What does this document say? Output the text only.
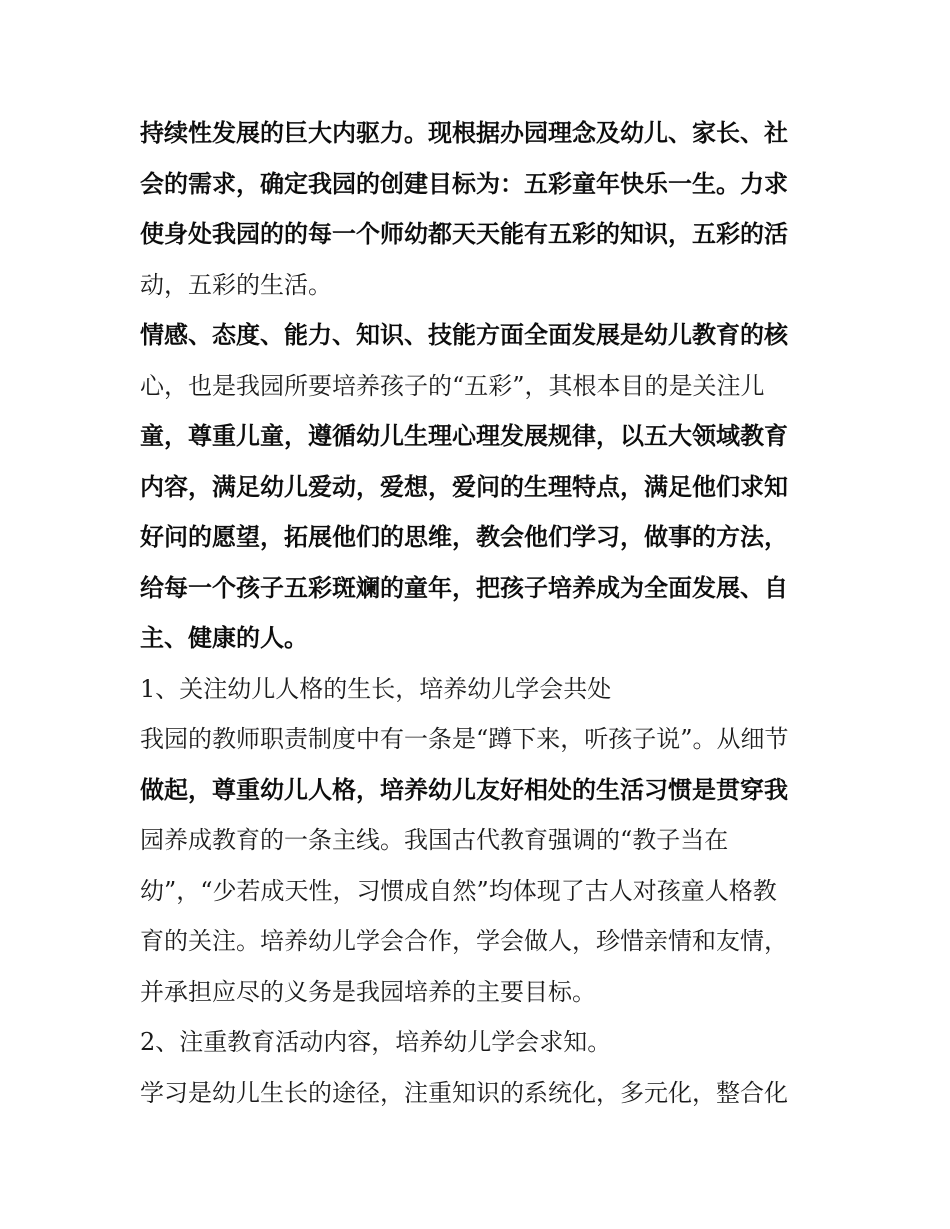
持续性发展的巨大内驱力。现根据办园理念及幼儿、家长、社
会的需求，确定我园的创建目标为：五彩童年快乐一生。力求
使身处我园的的每一个师幼都天天能有五彩的知识，五彩的活
动，五彩的生活。
情感、态度、能力、知识、技能方面全面发展是幼儿教育的核
心，也是我园所要培养孩子的“五彩”，其根本目的是关注儿
童，尊重儿童，遵循幼儿生理心理发展规律，以五大领域教育
内容，满足幼儿爱动，爱想，爱问的生理特点，满足他们求知
好问的愿望，拓展他们的思维，教会他们学习，做事的方法，
给每一个孩子五彩斑斓的童年，把孩子培养成为全面发展、自
主、健康的人。
1、关注幼儿人格的生长，培养幼儿学会共处
我园的教师职责制度中有一条是“蹲下来，听孩子说”。从细节
做起，尊重幼儿人格，培养幼儿友好相处的生活习惯是贯穿我
园养成教育的一条主线。我国古代教育强调的“教子当在
幼”，“少若成天性，习惯成自然”均体现了古人对孩童人格教
育的关注。培养幼儿学会合作，学会做人，珍惜亲情和友情，
并承担应尽的义务是我园培养的主要目标。
2、注重教育活动内容，培养幼儿学会求知。
学习是幼儿生长的途径，注重知识的系统化，多元化，整合化
